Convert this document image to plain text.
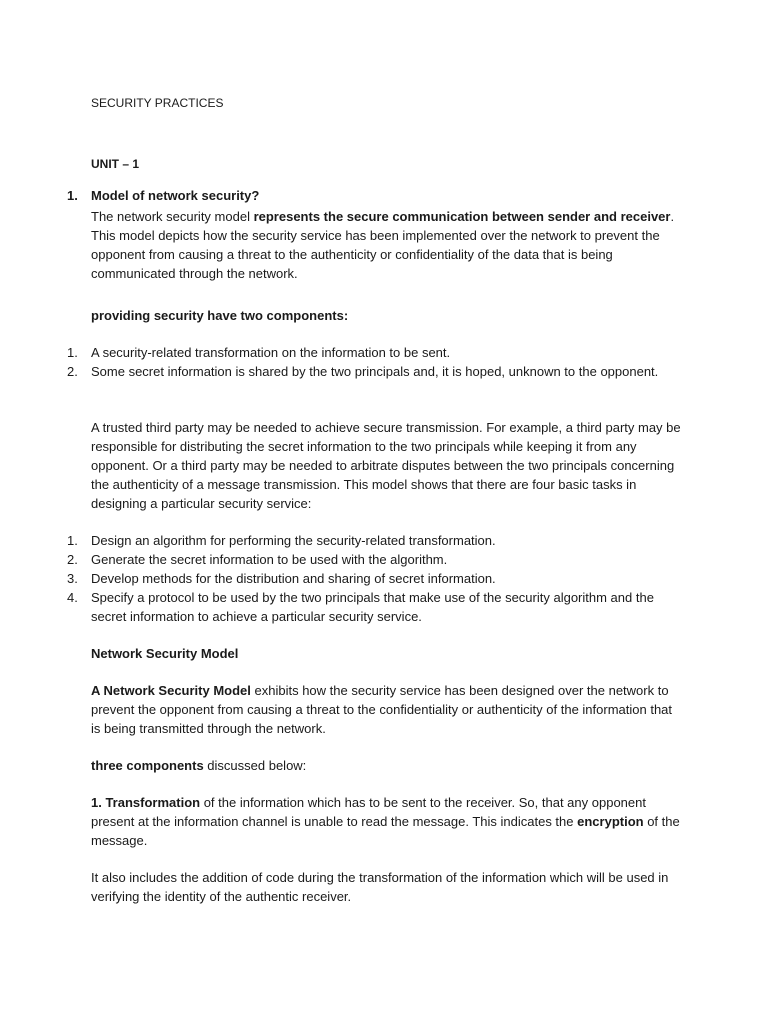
SECURITY PRACTICES

UNIT – 1

1.	Model of network security?

The network security model represents the secure communication between sender and receiver. This model depicts how the security service has been implemented over the network to prevent the opponent from causing a threat to the authenticity or confidentiality of the data that is being communicated through the network.

providing security have two components:

1.	A security-related transformation on the information to be sent.

2.	Some secret information is shared by the two principals and, it is hoped, unknown to the opponent.

A trusted third party may be needed to achieve secure transmission. For example, a third party may be responsible for distributing the secret information to the two principals while keeping it from any opponent. Or a third party may be needed to arbitrate disputes between the two principals concerning the authenticity of a message transmission. This model shows that there are four basic tasks in designing a particular security service:

1.	Design an algorithm for performing the security-related transformation.

2.	Generate the secret information to be used with the algorithm.

3.	Develop methods for the distribution and sharing of secret information.

4.	Specify a protocol to be used by the two principals that make use of the security algorithm and the secret information to achieve a particular security service.

Network Security Model

A Network Security Model exhibits how the security service has been designed over the network to prevent the opponent from causing a threat to the confidentiality or authenticity of the information that is being transmitted through the network.

three components discussed below:

1. Transformation of the information which has to be sent to the receiver. So, that any opponent present at the information channel is unable to read the message. This indicates the encryption of the message.

It also includes the addition of code during the transformation of the information which will be used in verifying the identity of the authentic receiver.
